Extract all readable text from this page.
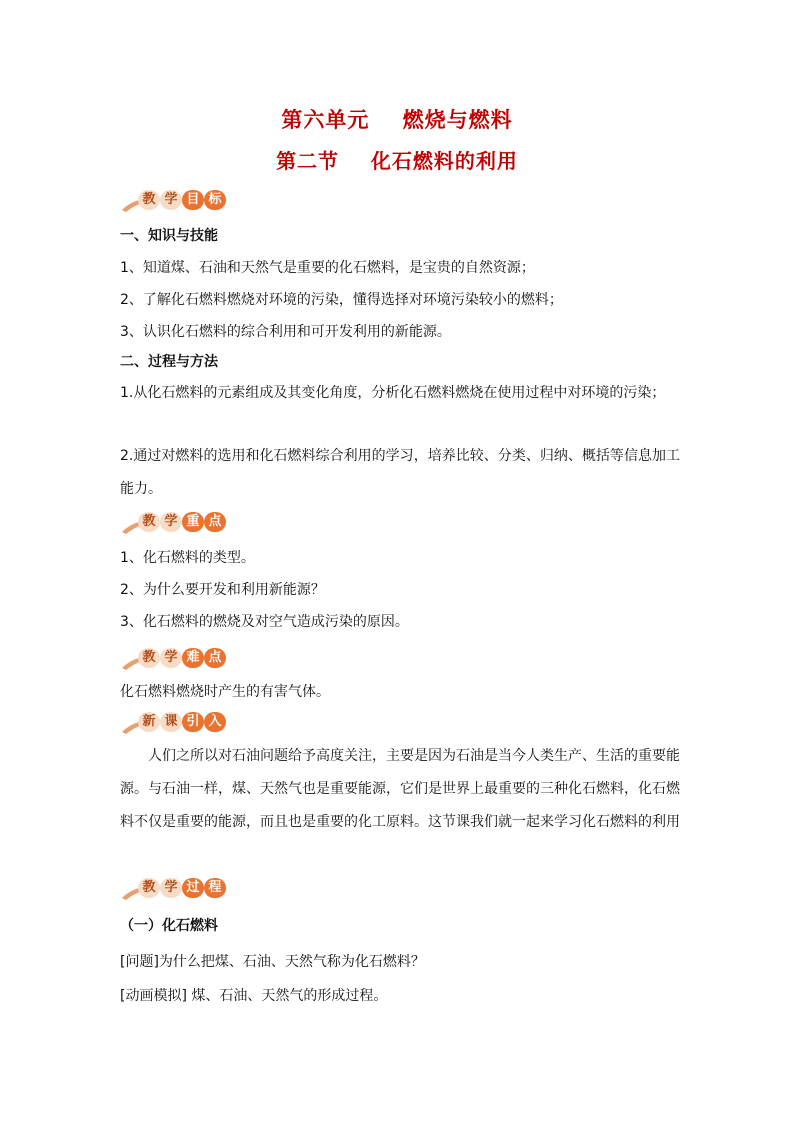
第六单元    燃烧与燃料
第二节    化石燃料的利用
教 学 目 标
一、知识与技能
1、知道煤、石油和天然气是重要的化石燃料，是宝贵的自然资源；
2、了解化石燃料燃烧对环境的污染，懂得选择对环境污染较小的燃料；
3、认识化石燃料的综合利用和可开发利用的新能源。
二、过程与方法
1.从化石燃料的元素组成及其变化角度，分析化石燃料燃烧在使用过程中对环境的污染；
2.通过对燃料的选用和化石燃料综合利用的学习，培养比较、分类、归纳、概括等信息加工能力。
教 学 重 点
1、化石燃料的类型。
2、为什么要开发和利用新能源？
3、化石燃料的燃烧及对空气造成污染的原因。
教 学 难 点
化石燃料燃烧时产生的有害气体。
新 课 引 入
人们之所以对石油问题给予高度关注，主要是因为石油是当今人类生产、生活的重要能源。与石油一样，煤、天然气也是重要能源，它们是世界上最重要的三种化石燃料，化石燃料不仅是重要的能源，而且也是重要的化工原料。这节课我们就一起来学习化石燃料的利用
教 学 过 程
（一）化石燃料
[问题]为什么把煤、石油、天然气称为化石燃料？
[动画模拟] 煤、石油、天然气的形成过程。
